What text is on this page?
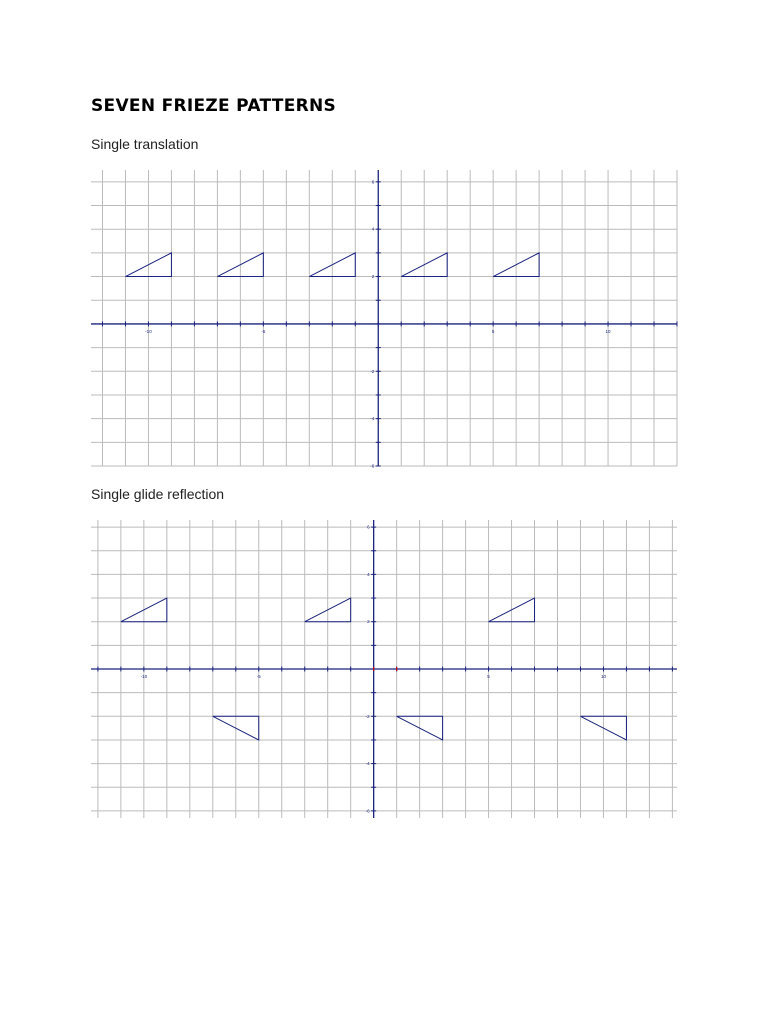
SEVEN FRIEZE PATTERNS
Single translation
-10	-5	5	10
6
4
2
-2
-4
-6
Single glide reflection
-10	-5	5	10
6
4
2
-2
-4
-6
